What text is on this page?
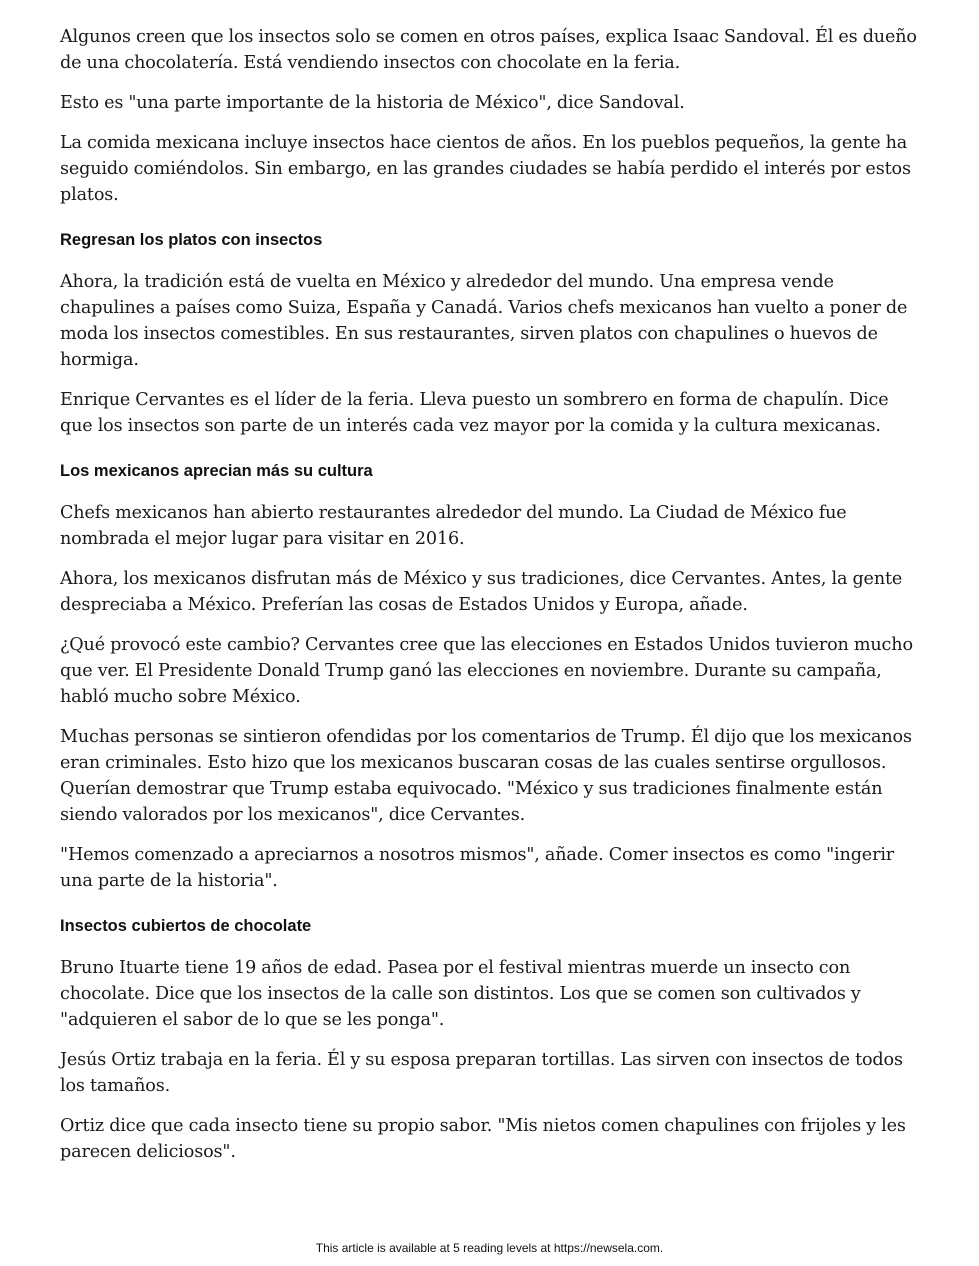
Algunos creen que los insectos solo se comen en otros países, explica Isaac Sandoval. Él es dueño de una chocolatería. Está vendiendo insectos con chocolate en la feria.

Esto es "una parte importante de la historia de México", dice Sandoval.

La comida mexicana incluye insectos hace cientos de años. En los pueblos pequeños, la gente ha seguido comiéndolos. Sin embargo, en las grandes ciudades se había perdido el interés por estos platos.

Regresan los platos con insectos

Ahora, la tradición está de vuelta en México y alrededor del mundo. Una empresa vende chapulines a países como Suiza, España y Canadá. Varios chefs mexicanos han vuelto a poner de moda los insectos comestibles. En sus restaurantes, sirven platos con chapulines o huevos de hormiga.

Enrique Cervantes es el líder de la feria. Lleva puesto un sombrero en forma de chapulín. Dice que los insectos son parte de un interés cada vez mayor por la comida y la cultura mexicanas.

Los mexicanos aprecian más su cultura

Chefs mexicanos han abierto restaurantes alrededor del mundo. La Ciudad de México fue nombrada el mejor lugar para visitar en 2016.

Ahora, los mexicanos disfrutan más de México y sus tradiciones, dice Cervantes. Antes, la gente despreciaba a México. Preferían las cosas de Estados Unidos y Europa, añade.

¿Qué provocó este cambio? Cervantes cree que las elecciones en Estados Unidos tuvieron mucho que ver. El Presidente Donald Trump ganó las elecciones en noviembre. Durante su campaña, habló mucho sobre México.

Muchas personas se sintieron ofendidas por los comentarios de Trump. Él dijo que los mexicanos eran criminales. Esto hizo que los mexicanos buscaran cosas de las cuales sentirse orgullosos. Querían demostrar que Trump estaba equivocado. "México y sus tradiciones finalmente están siendo valorados por los mexicanos", dice Cervantes.

"Hemos comenzado a apreciarnos a nosotros mismos", añade. Comer insectos es como "ingerir una parte de la historia".

Insectos cubiertos de chocolate

Bruno Ituarte tiene 19 años de edad. Pasea por el festival mientras muerde un insecto con chocolate. Dice que los insectos de la calle son distintos. Los que se comen son cultivados y "adquieren el sabor de lo que se les ponga".

Jesús Ortiz trabaja en la feria. Él y su esposa preparan tortillas. Las sirven con insectos de todos los tamaños.

Ortiz dice que cada insecto tiene su propio sabor. "Mis nietos comen chapulines con frijoles y les parecen deliciosos".

This article is available at 5 reading levels at https://newsela.com.
